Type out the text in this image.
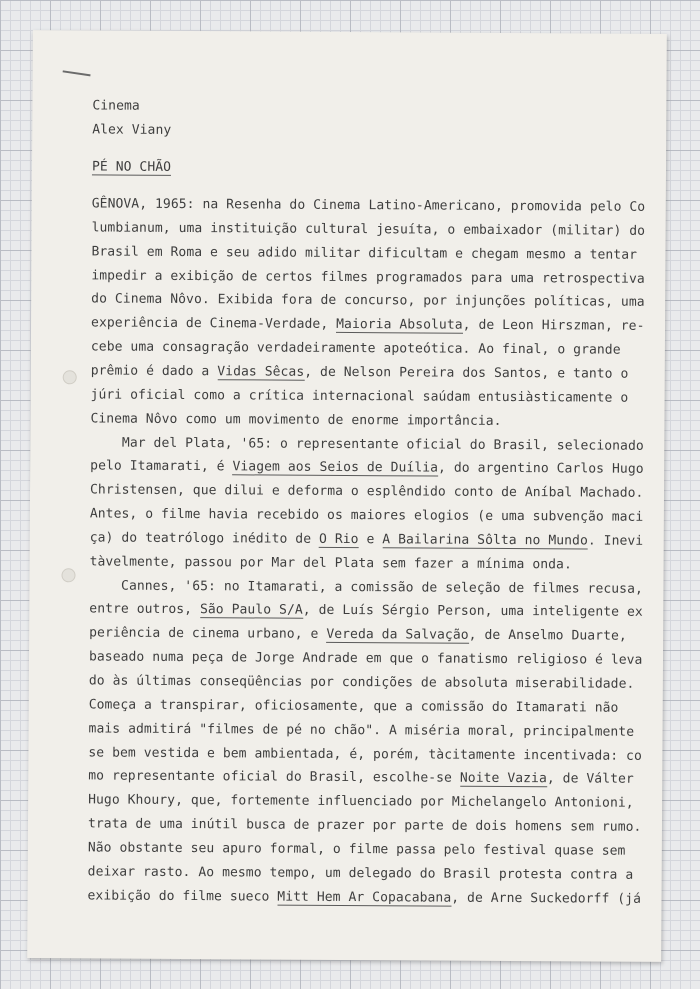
Cinema
Alex Viany
PÉ NO CHÃO
GÊNOVA, 1965: na Resenha do Cinema Latino-Americano, promovida pelo Co
lumbianum, uma instituição cultural jesuíta, o embaixador (militar) do
Brasil em Roma e seu adido militar dificultam e chegam mesmo a tentar
impedir a exibição de certos filmes programados para uma retrospectiva
do Cinema Nôvo. Exibida fora de concurso, por injunções políticas, uma
experiência de Cinema-Verdade, Maioria Absoluta, de Leon Hirszman, re-
cebe uma consagração verdadeiramente apoteótica. Ao final, o grande
prêmio é dado a Vidas Sêcas, de Nelson Pereira dos Santos, e tanto o
júri oficial como a crítica internacional saúdam entusiàsticamente o
Cinema Nôvo como um movimento de enorme importância.
Mar del Plata, '65: o representante oficial do Brasil, selecionado
pelo Itamarati, é Viagem aos Seios de Duília, do argentino Carlos Hugo
Christensen, que dilui e deforma o esplêndido conto de Aníbal Machado.
Antes, o filme havia recebido os maiores elogios (e uma subvenção maci
ça) do teatrólogo inédito de O Rio e A Bailarina Sôlta no Mundo. Inevi
tàvelmente, passou por Mar del Plata sem fazer a mínima onda.
Cannes, '65: no Itamarati, a comissão de seleção de filmes recusa,
entre outros, São Paulo S/A, de Luís Sérgio Person, uma inteligente ex
periência de cinema urbano, e Vereda da Salvação, de Anselmo Duarte,
baseado numa peça de Jorge Andrade em que o fanatismo religioso é leva
do às últimas conseqüências por condições de absoluta miserabilidade.
Começa a transpirar, oficiosamente, que a comissão do Itamarati não
mais admitirá "filmes de pé no chão". A miséria moral, principalmente
se bem vestida e bem ambientada, é, porém, tàcitamente incentivada: co
mo representante oficial do Brasil, escolhe-se Noite Vazia, de Válter
Hugo Khoury, que, fortemente influenciado por Michelangelo Antonioni,
trata de uma inútil busca de prazer por parte de dois homens sem rumo.
Não obstante seu apuro formal, o filme passa pelo festival quase sem
deixar rasto. Ao mesmo tempo, um delegado do Brasil protesta contra a
exibição do filme sueco Mitt Hem Ar Copacabana, de Arne Suckedorff (já
